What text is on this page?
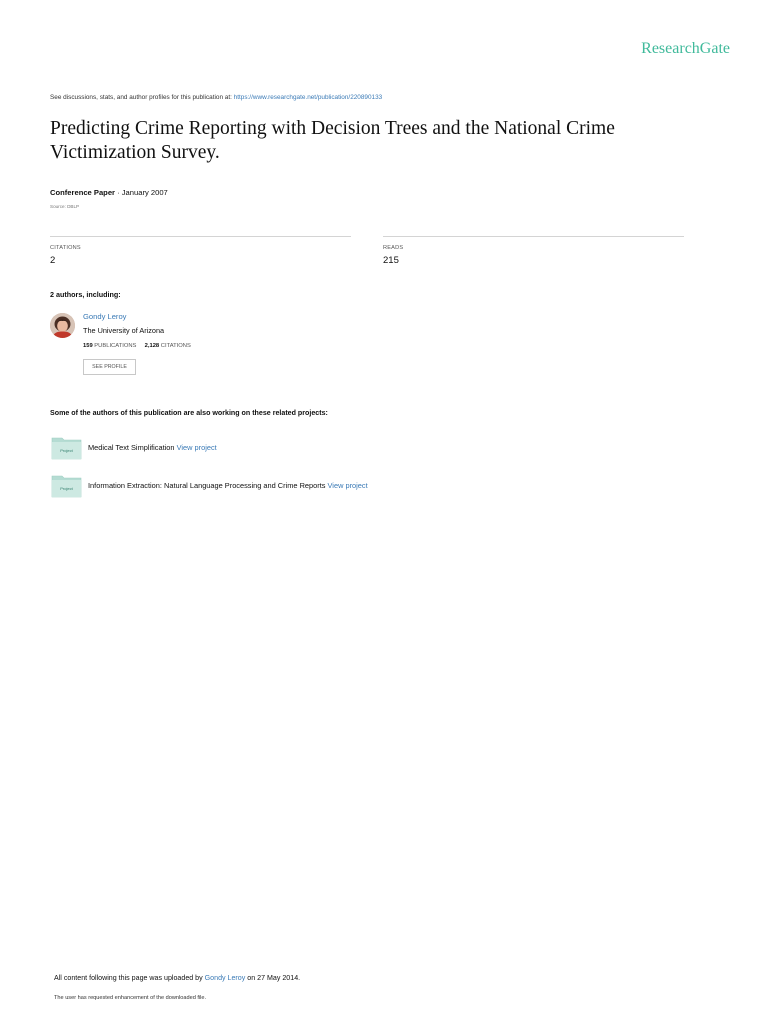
ResearchGate
See discussions, stats, and author profiles for this publication at: https://www.researchgate.net/publication/220890133
Predicting Crime Reporting with Decision Trees and the National Crime Victimization Survey.
Conference Paper · January 2007
Source: DBLP
CITATIONS
2
READS
215
2 authors, including:
Gondy Leroy
The University of Arizona
159 PUBLICATIONS 2,128 CITATIONS
SEE PROFILE
Some of the authors of this publication are also working on these related projects:
Project Medical Text Simplification View project
Project Information Extraction: Natural Language Processing and Crime Reports View project
All content following this page was uploaded by Gondy Leroy on 27 May 2014.
The user has requested enhancement of the downloaded file.
